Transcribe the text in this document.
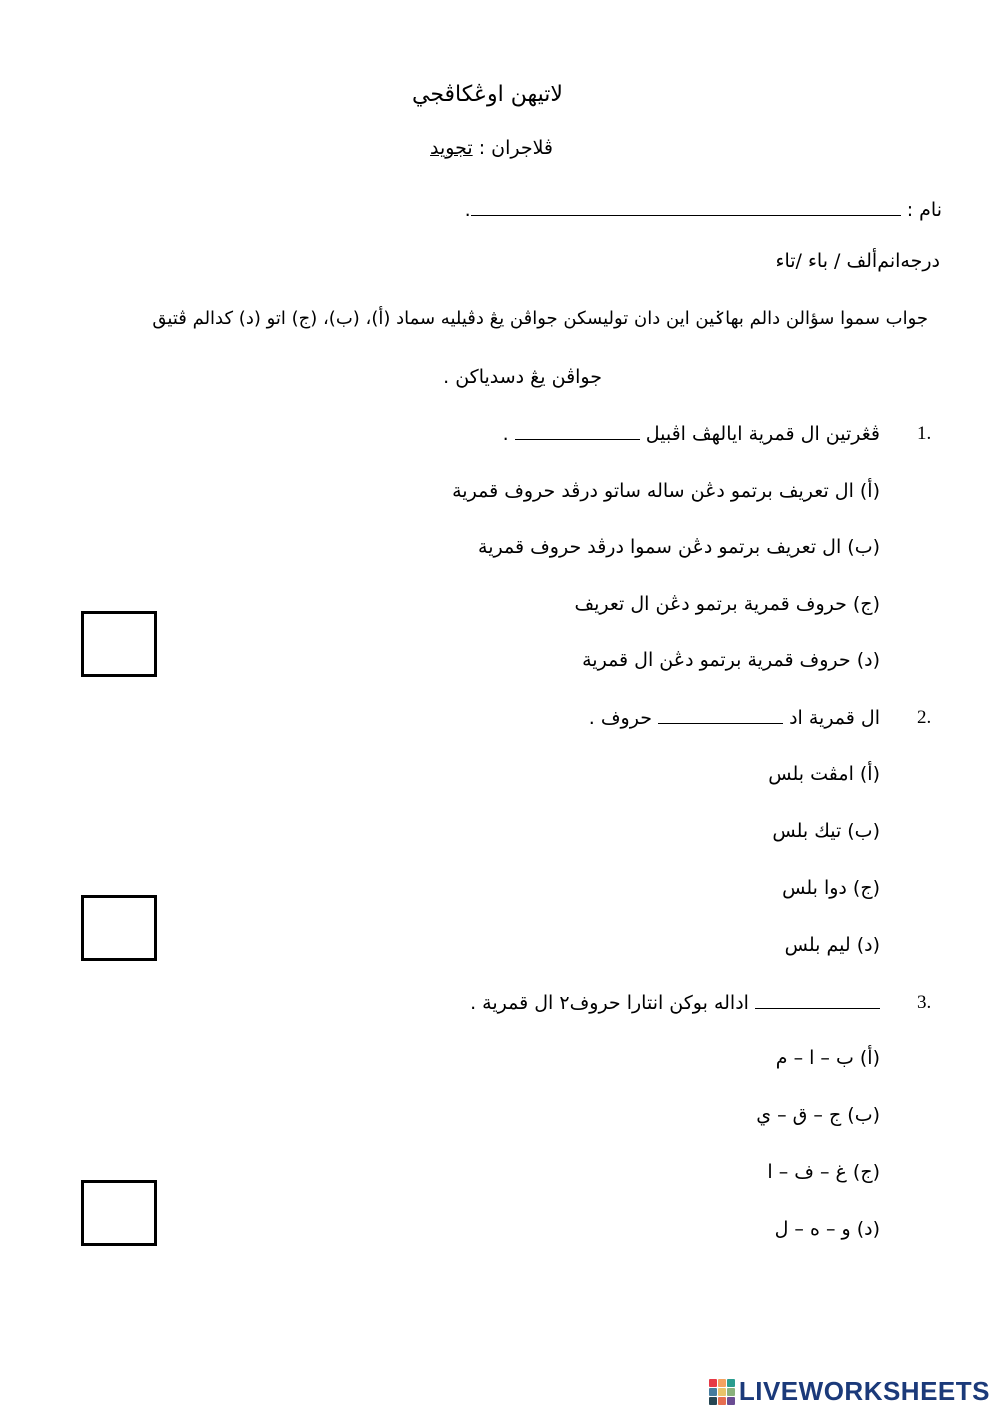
لاتيهن اوڠكاڤجي
ڤلاجران : تجويد
نام : .
درجه‌انم‌ألف / باء /تاء
جواب سموا سؤالن دالم بهاݢين اين دان توليسكن جواڤن يڠ دڤيليه سماد (أ)، (ب)، (ج) اتو (د) كدالم ڤتيق
جواڤن يڠ دسدياكن .
1.
ڤڠرتين ال قمرية ايالهڤ اڤبيل  .
(أ) ال تعريف برتمو دڠن ساله ساتو درڤد حروف قمرية
(ب) ال تعريف برتمو دڠن سموا درڤد حروف قمرية
(ج) حروف قمرية برتمو دڠن ال تعريف
(د) حروف قمرية برتمو دڠن ال قمرية
2.
ال قمرية اد  حروف .
(أ) امڤت بلس
(ب) تيك بلس
(ج) دوا بلس
(د) ليم بلس
3.
اداله بوكن انتارا حروف٢ ال قمرية .
(أ) ب – ا – م
(ب) ج – ق – ي
(ج) غ – ف – ا
(د) و – ه – ل
LIVEWORKSHEETS
